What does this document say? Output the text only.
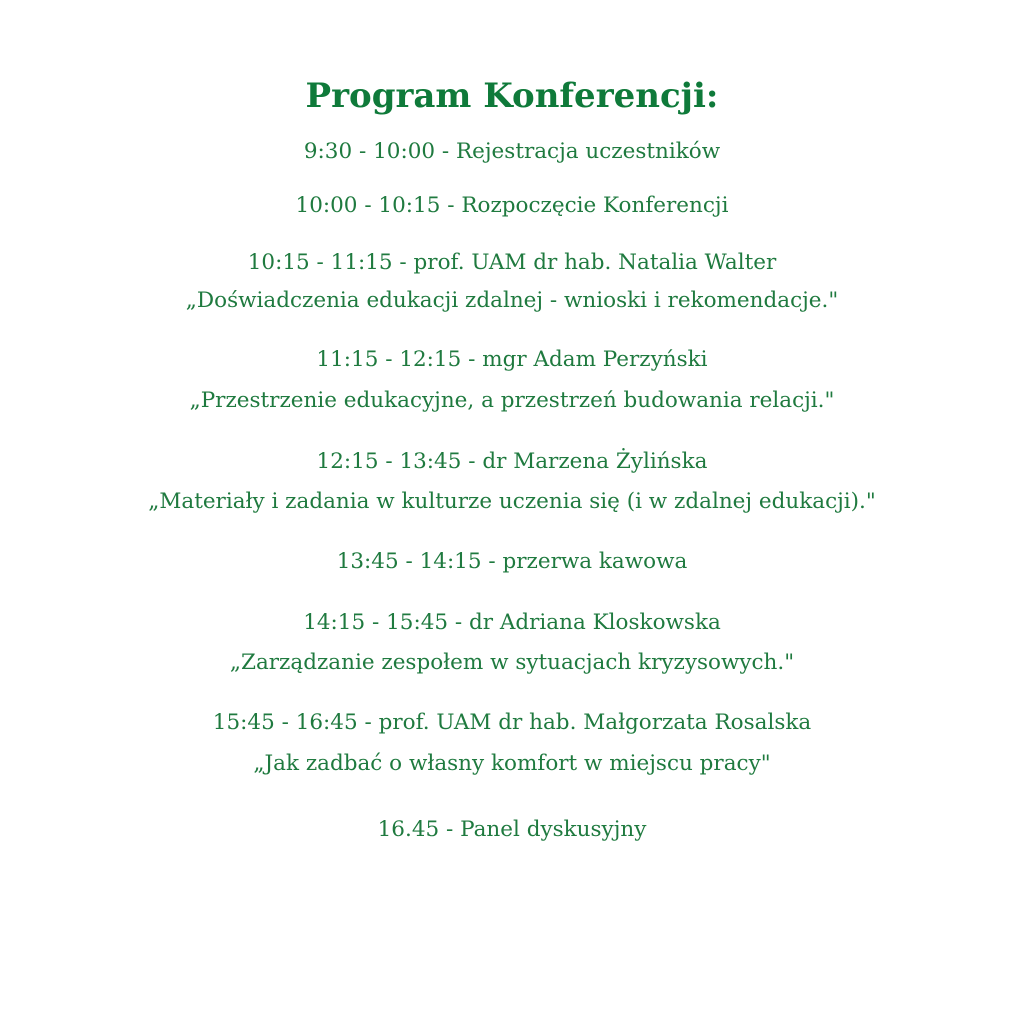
Program Konferencji:

9:30 - 10:00 - Rejestracja uczestników

10:00 - 10:15 - Rozpoczęcie Konferencji

10:15 - 11:15 - prof. UAM dr hab. Natalia Walter

„Doświadczenia edukacji zdalnej - wnioski i rekomendacje."

11:15 - 12:15 - mgr Adam Perzyński

„Przestrzenie edukacyjne, a przestrzeń budowania relacji."

12:15 - 13:45 - dr Marzena Żylińska

„Materiały i zadania w kulturze uczenia się (i w zdalnej edukacji)."

13:45 - 14:15 - przerwa kawowa

14:15 - 15:45 - dr Adriana Kloskowska

„Zarządzanie zespołem w sytuacjach kryzysowych."

15:45 - 16:45 - prof. UAM dr hab. Małgorzata Rosalska

„Jak zadbać o własny komfort w miejscu pracy"

16.45 - Panel dyskusyjny
